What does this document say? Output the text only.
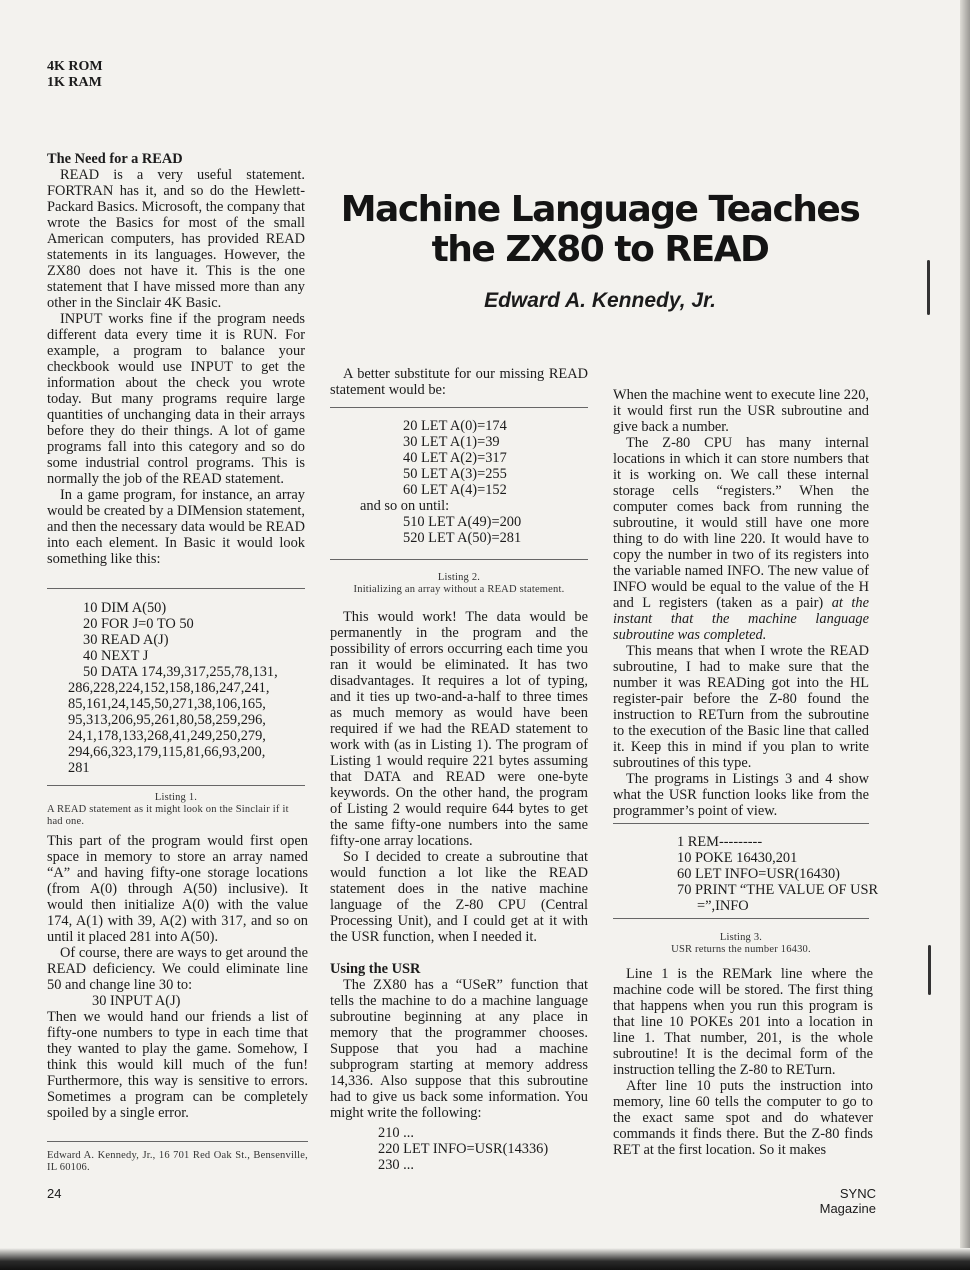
4K ROM
1K RAM
Machine Language Teaches
the ZX80 to READ
Edward A. Kennedy, Jr.
The Need for a READ

READ is a very useful statement. FORTRAN has it, and so do the Hewlett-Packard Basics. Microsoft, the company that wrote the Basics for most of the small American computers, has provided READ statements in its languages. However, the ZX80 does not have it. This is the one statement that I have missed more than any other in the Sinclair 4K Basic.

INPUT works fine if the program needs different data every time it is RUN. For example, a program to balance your checkbook would use INPUT to get the information about the check you wrote today. But many programs require large quantities of unchanging data in their arrays before they do their things. A lot of game programs fall into this category and so do some industrial control programs. This is normally the job of the READ statement.

In a game program, for instance, an array would be created by a DIMension statement, and then the necessary data would be READ into each element. In Basic it would look something like this:

10 DIM A(50)
20 FOR J=0 TO 50
30 READ A(J)
40 NEXT J
50 DATA 174,39,317,255,78,131,
286,228,224,152,158,186,247,241,
85,161,24,145,50,271,38,106,165,
95,313,206,95,261,80,58,259,296,
24,1,178,133,268,41,249,250,279,
294,66,323,179,115,81,66,93,200,
281
Listing 1.
A READ statement as it might look on the Sinclair if it had one.

This part of the program would first open space in memory to store an array named “A” and having fifty-one storage locations (from A(0) through A(50) inclusive). It would then initialize A(0) with the value 174, A(1) with 39, A(2) with 317, and so on until it placed 281 into A(50).

Of course, there are ways to get around the READ deficiency. We could eliminate line 50 and change line 30 to:

30 INPUT A(J)

Then we would hand our friends a list of fifty-one numbers to type in each time that they wanted to play the game. Somehow, I think this would kill much of the fun! Furthermore, this way is sensitive to errors. Sometimes a program can be completely spoiled by a single error.

Edward A. Kennedy, Jr., 16 701 Red Oak St., Bensenville, IL 60106.

A better substitute for our missing READ statement would be:

20 LET A(0)=174
30 LET A(1)=39
40 LET A(2)=317
50 LET A(3)=255
60 LET A(4)=152
and so on until:
510 LET A(49)=200
520 LET A(50)=281
Listing 2.
Initializing an array without a READ statement.

This would work! The data would be permanently in the program and the possibility of errors occurring each time you ran it would be eliminated. It has two disadvantages. It requires a lot of typing, and it ties up two-and-a-half to three times as much memory as would have been required if we had the READ statement to work with (as in Listing 1). The program of Listing 1 would require 221 bytes assuming that DATA and READ were one-byte keywords. On the other hand, the program of Listing 2 would require 644 bytes to get the same fifty-one numbers into the same fifty-one array locations.

So I decided to create a subroutine that would function a lot like the READ statement does in the native machine language of the Z-80 CPU (Central Processing Unit), and I could get at it with the USR function, when I needed it.

Using the USR

The ZX80 has a “USeR” function that tells the machine to do a machine language subroutine beginning at any place in memory that the programmer chooses. Suppose that you had a machine subprogram starting at memory address 14,336. Also suppose that this subroutine had to give us back some information. You might write the following:

210 ...
220 LET INFO=USR(14336)
230 ...

When the machine went to execute line 220, it would first run the USR subroutine and give back a number.

The Z-80 CPU has many internal locations in which it can store numbers that it is working on. We call these internal storage cells “registers.” When the computer comes back from running the subroutine, it would still have one more thing to do with line 220. It would have to copy the number in two of its registers into the variable named INFO. The new value of INFO would be equal to the value of the H and L registers (taken as a pair) at the instant that the machine language subroutine was completed.

This means that when I wrote the READ subroutine, I had to make sure that the number it was READing got into the HL register-pair before the Z-80 found the instruction to RETurn from the subroutine to the execution of the Basic line that called it. Keep this in mind if you plan to write subroutines of this type.

The programs in Listings 3 and 4 show what the USR function looks like from the programmer’s point of view.

1 REM---------
10 POKE 16430,201
60 LET INFO=USR(16430)
70 PRINT “THE VALUE OF USR
=”,INFO
Listing 3.
USR returns the number 16430.

Line 1 is the REMark line where the machine code will be stored. The first thing that happens when you run this program is that line 10 POKEs 201 into a location in line 1. That number, 201, is the whole subroutine! It is the decimal form of the instruction telling the Z-80 to RETurn.

After line 10 puts the instruction into memory, line 60 tells the computer to go to the exact same spot and do whatever commands it finds there. But the Z-80 finds RET at the first location. So it makes

24	SYNC Magazine
